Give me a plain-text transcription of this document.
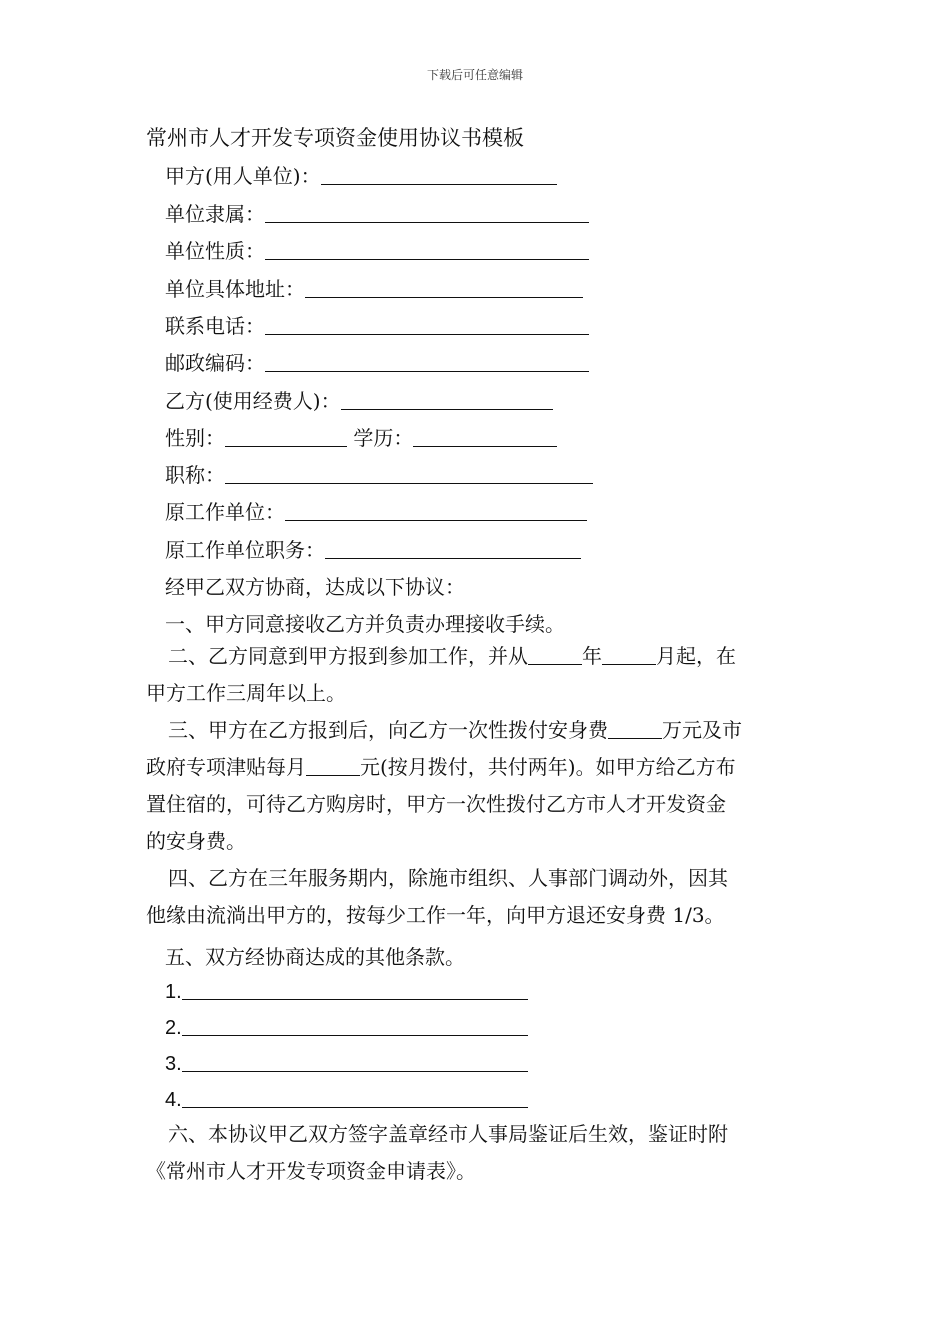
下载后可任意编辑
常州市人才开发专项资金使用协议书模板
甲方(用人单位)：
单位隶属：
单位性质：
单位具体地址：
联系电话：
邮政编码：
乙方(使用经费人)：
性别：	学历：
职称：
原工作单位：
原工作单位职务：
经甲乙双方协商，达成以下协议：
一、甲方同意接收乙方并负责办理接收手续。
二、乙方同意到甲方报到参加工作，并从	年	月起，在
甲方工作三周年以上。
三、甲方在乙方报到后，向乙方一次性拨付安身费	万元及市
政府专项津贴每月	元(按月拨付，共付两年)。如甲方给乙方布
置住宿的，可待乙方购房时，甲方一次性拨付乙方市人才开发资金
的安身费。
四、乙方在三年服务期内，除施市组织、人事部门调动外，因其
他缘由流淌出甲方的，按每少工作一年，向甲方退还安身费 1/3。
五、双方经协商达成的其他条款。
1.
2.
3.
4.
六、本协议甲乙双方签字盖章经市人事局鉴证后生效，鉴证时附
《常州市人才开发专项资金申请表》。
